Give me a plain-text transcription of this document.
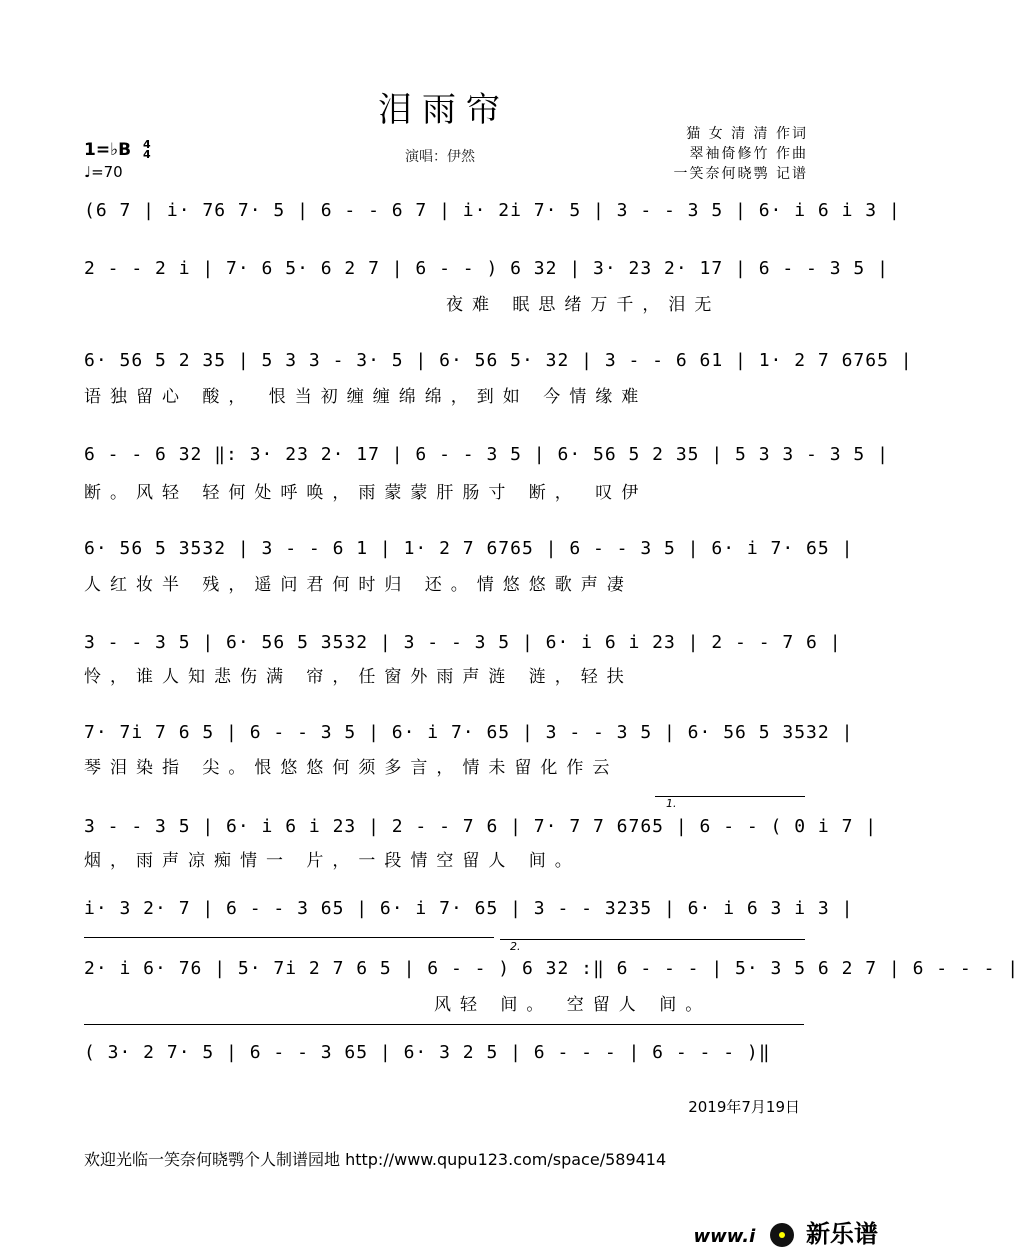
泪雨帘
猫 女 清 清 作词
翠袖倚修竹 作曲
一笑奈何晓鹗 记谱
1=♭B 4
4
♩=70
演唱：伊然
(6 7 | i· 76 7· 5 | 6 - - 6 7 | i· 2i 7· 5 | 3 - - 3 5 | 6· i 6 i 3 |
2 - - 2 i | 7· 6 5· 6 2 7 | 6 - - ) 6 32 | 3· 23 2· 17 | 6 - - 3 5 |
夜难 眠思绪万千，泪无
6· 56 5 2 35 | 5 3 3 - 3· 5 | 6· 56 5· 32 | 3 - - 6 61 | 1· 2 7 6765 |
语独留心 酸， 恨当初缠缠绵绵，到如 今情缘难
6 - - 6 32 ‖: 3· 23 2· 17 | 6 - - 3 5 | 6· 56 5 2 35 | 5 3 3 - 3 5 |
断。风轻 轻何处呼唤，雨蒙蒙肝肠寸 断， 叹伊
6· 56 5 3532 | 3 - - 6 1 | 1· 2 7 6765 | 6 - - 3 5 | 6· i 7· 65 |
人红妆半 残，遥问君何时归 还。情悠悠歌声凄
3 - - 3 5 | 6· 56 5 3532 | 3 - - 3 5 | 6· i 6 i 23 | 2 - - 7 6 |
怜，谁人知悲伤满 帘，任窗外雨声涟 涟，轻扶
7· 7i 7 6 5 | 6 - - 3 5 | 6· i 7· 65 | 3 - - 3 5 | 6· 56 5 3532 |
琴泪染指 尖。恨悠悠何须多言，情未留化作云
1.
3 - - 3 5 | 6· i 6 i 23 | 2 - - 7 6 | 7· 7 7 6765 | 6 - - ( 0 i 7 |
烟，雨声凉痴情一 片，一段情空留人 间。
i· 3 2· 7 | 6 - - 3 65 | 6· i 7· 65 | 3 - - 3235 | 6· i 6 3 i 3 |
2.
2· i 6· 76 | 5· 7i 2 7 6 5 | 6 - - ) 6 32 :‖ 6 - - - | 5· 3 5 6 2 7 | 6 - - - |
风轻 间。 空留人 间。
( 3· 2 7· 5 | 6 - - 3 65 | 6· 3 2 5 | 6 - - - | 6 - - - )‖
2019年7月19日
欢迎光临一笑奈何晓鹗个人制谱园地 http://www.qupu123.com/space/589414
www.i 新乐谱
